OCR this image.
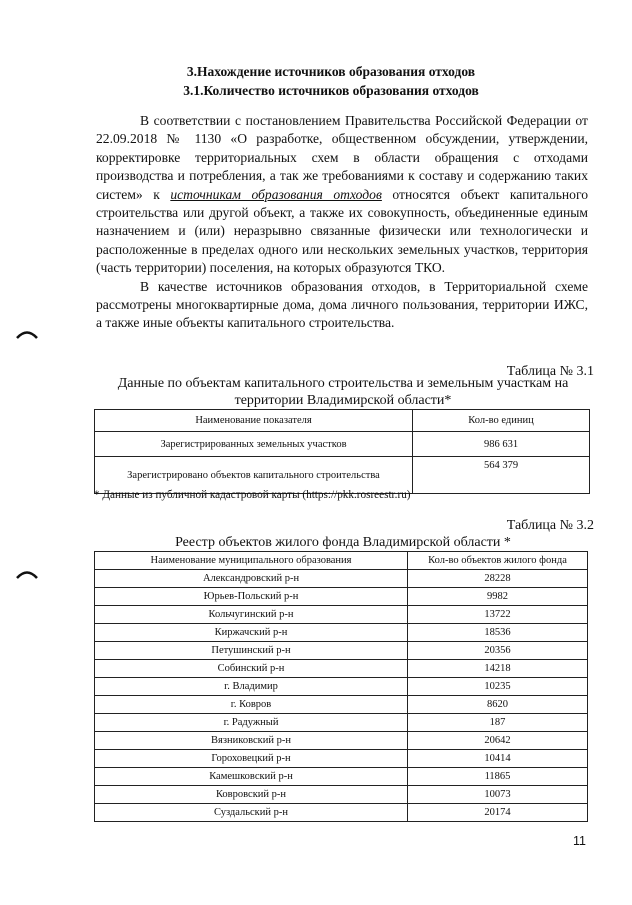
3.Нахождение источников образования отходов
3.1.Количество источников образования отходов

В соответствии с постановлением Правительства Российской Федерации от 22.09.2018 № 1130 «О разработке, общественном обсуждении, утверждении, корректировке территориальных схем в области обращения с отходами производства и потребления, а так же требованиями к составу и содержанию таких систем» к источникам образования отходов относятся объект капитального строительства или другой объект, а также их совокупность, объединенные единым назначением и (или) неразрывно связанные физически или технологически и расположенные в пределах одного или нескольких земельных участков, территория (часть территории) поселения, на которых образуются ТКО.

В качестве источников образования отходов, в Территориальной схеме рассмотрены многоквартирные дома, дома личного пользования, территории ИЖС, а также иные объекты капитального строительства.

Таблица № 3.1
Данные по объектам капитального строительства и земельным участкам на территории Владимирской области*
Наименование показателя	Кол-во единиц
Зарегистрированных земельных участков	986 631
Зарегистрировано объектов капитального строительства	564 379
* Данные из публичной кадастровой карты (https://pkk.rosreestr.ru)
Таблица № 3.2
Реестр объектов жилого фонда Владимирской области *
Наименование муниципального образования	Кол-во объектов жилого фонда
Александровский р-н	28228
Юрьев-Польский р-н	9982
Кольчугинский р-н	13722
Киржачский р-н	18536
Петушинский р-н	20356
Собинский р-н	14218
г. Владимир	10235
г. Ковров	8620
г. Радужный	187
Вязниковский р-н	20642
Гороховецкий р-н	10414
Камешковский р-н	11865
Ковровский р-н	10073
Суздальский р-н	20174
11
